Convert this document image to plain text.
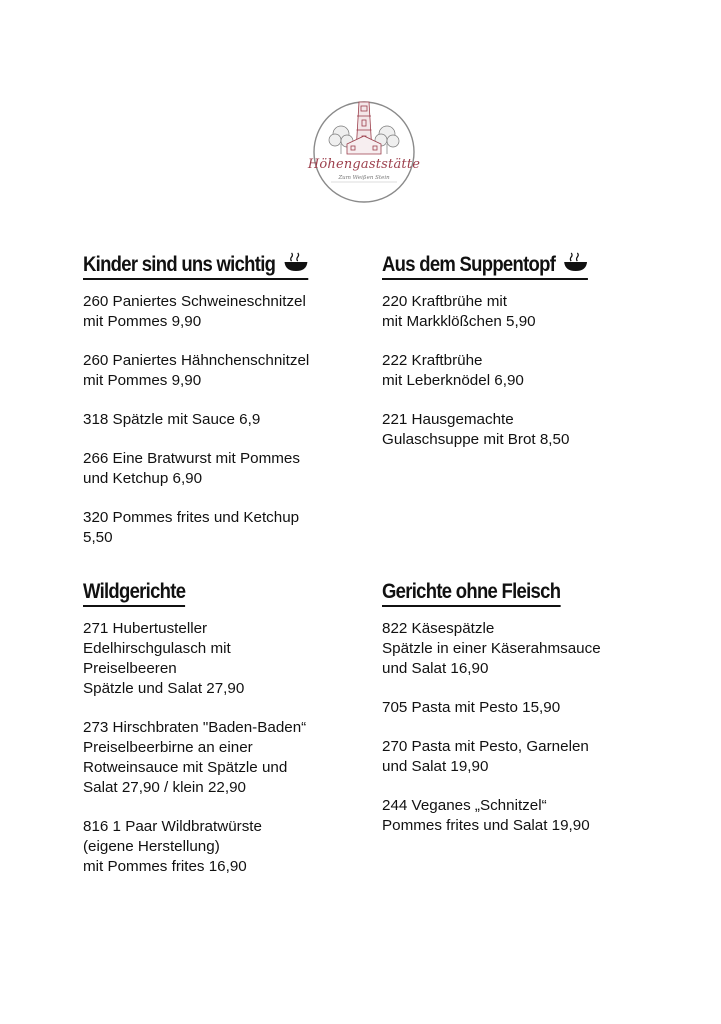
Höhengaststätte
Zum Weißen Stein
Kinder sind uns wichtig
260 Paniertes Schweineschnitzel
mit Pommes 9,90
260 Paniertes Hähnchenschnitzel
mit Pommes 9,90
318 Spätzle mit Sauce 6,9
266 Eine Bratwurst mit Pommes
und Ketchup 6,90
320 Pommes frites und Ketchup
5,50
Wildgerichte
271 Hubertusteller
Edelhirschgulasch mit
Preiselbeeren
Spätzle und Salat 27,90
273 Hirschbraten "Baden-Baden“
Preiselbeerbirne an einer
Rotweinsauce mit Spätzle und
Salat 27,90 / klein 22,90
816 1 Paar Wildbratwürste
(eigene Herstellung)
mit Pommes frites 16,90
Aus dem Suppentopf
220 Kraftbrühe mit
mit Markklößchen 5,90
222 Kraftbrühe
mit Leberknödel 6,90
221 Hausgemachte
Gulaschsuppe mit Brot 8,50
Gerichte ohne Fleisch
822 Käsespätzle
Spätzle in einer Käserahmsauce
und Salat 16,90
705 Pasta mit Pesto 15,90
270 Pasta mit Pesto, Garnelen
und Salat 19,90
244 Veganes „Schnitzel“
Pommes frites und Salat 19,90
